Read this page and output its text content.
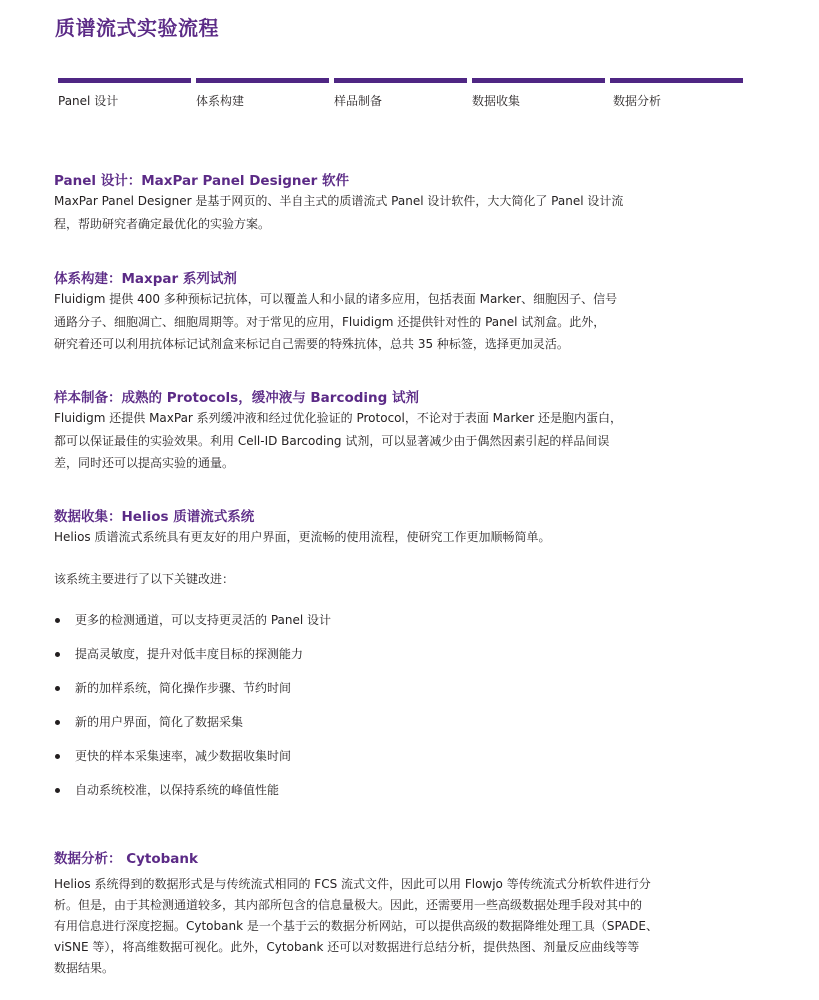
质谱流式实验流程
Panel 设计	体系构建	样品制备	数据收集	数据分析
Panel 设计：MaxPar Panel Designer 软件

MaxPar Panel Designer 是基于网页的、半自主式的质谱流式 Panel 设计软件，大大简化了 Panel 设计流

程，帮助研究者确定最优化的实验方案。

体系构建：Maxpar 系列试剂

Fluidigm 提供 400 多种预标记抗体，可以覆盖人和小鼠的诸多应用，包括表面 Marker、细胞因子、信号

通路分子、细胞凋亡、细胞周期等。对于常见的应用，Fluidigm 还提供针对性的 Panel 试剂盒。此外，

研究着还可以利用抗体标记试剂盒来标记自己需要的特殊抗体，总共 35 种标签，选择更加灵活。

样本制备：成熟的 Protocols，缓冲液与 Barcoding 试剂

Fluidigm 还提供 MaxPar 系列缓冲液和经过优化验证的 Protocol，不论对于表面 Marker 还是胞内蛋白，

都可以保证最佳的实验效果。利用 Cell-ID Barcoding 试剂，可以显著减少由于偶然因素引起的样品间误

差，同时还可以提高实验的通量。

数据收集：Helios 质谱流式系统

Helios 质谱流式系统具有更友好的用户界面，更流畅的使用流程，使研究工作更加顺畅简单。

该系统主要进行了以下关键改进：

更多的检测通道，可以支持更灵活的 Panel 设计
提高灵敏度，提升对低丰度目标的探测能力
新的加样系统，简化操作步骤、节约时间
新的用户界面，简化了数据采集
更快的样本采集速率，减少数据收集时间
自动系统校准，以保持系统的峰值性能
数据分析： Cytobank

Helios 系统得到的数据形式是与传统流式相同的 FCS 流式文件，因此可以用 Flowjo 等传统流式分析软件进行分

析。但是，由于其检测通道较多，其内部所包含的信息量极大。因此，还需要用一些高级数据处理手段对其中的

有用信息进行深度挖掘。Cytobank 是一个基于云的数据分析网站，可以提供高级的数据降维处理工具（SPADE、

viSNE 等），将高维数据可视化。此外，Cytobank 还可以对数据进行总结分析，提供热图、剂量反应曲线等等

数据结果。
